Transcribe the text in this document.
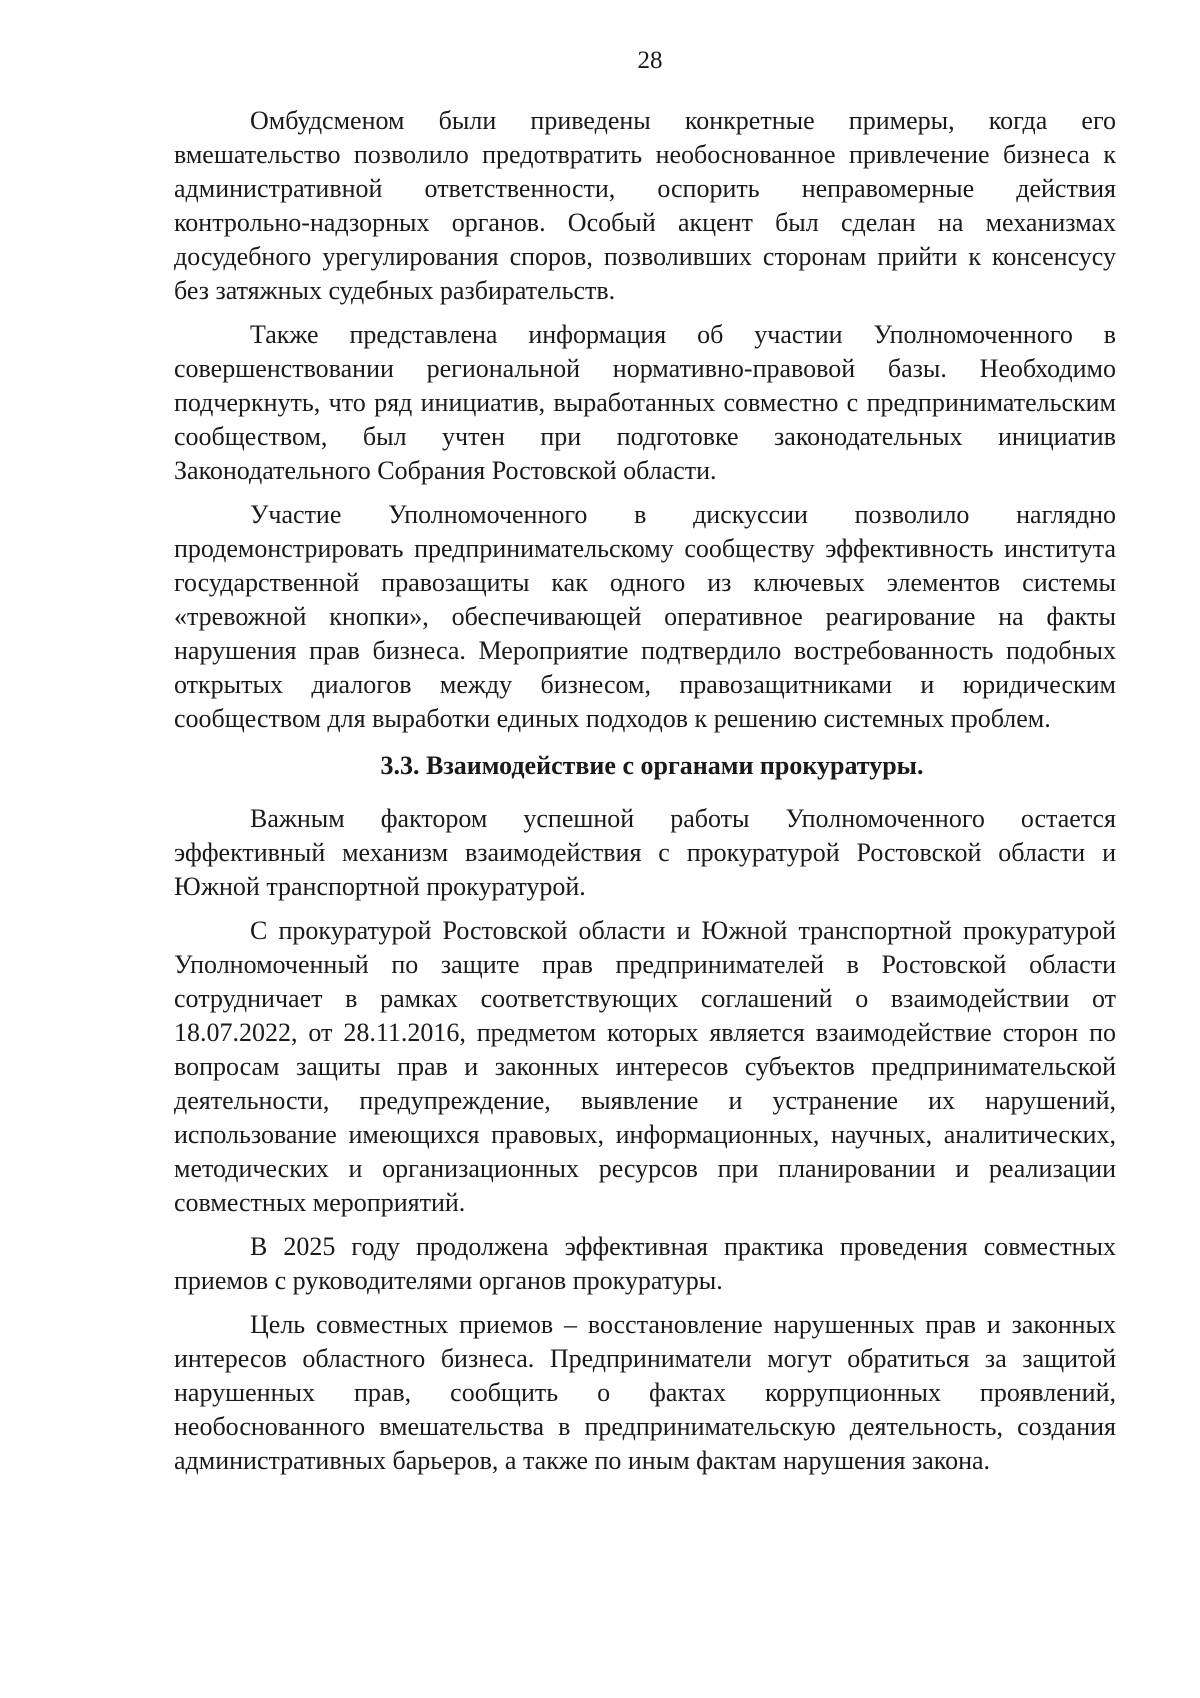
28

Омбудсменом были приведены конкретные примеры, когда его вмешательство позволило предотвратить необоснованное привлечение бизнеса к административной ответственности, оспорить неправомерные действия контрольно-надзорных органов. Особый акцент был сделан на механизмах досудебного урегулирования споров, позволивших сторонам прийти к консенсусу без затяжных судебных разбирательств.

Также представлена информация об участии Уполномоченного в совершенствовании региональной нормативно-правовой базы. Необходимо подчеркнуть, что ряд инициатив, выработанных совместно с предпринимательским сообществом, был учтен при подготовке законодательных инициатив Законодательного Собрания Ростовской области.

Участие Уполномоченного в дискуссии позволило наглядно продемонстрировать предпринимательскому сообществу эффективность института государственной правозащиты как одного из ключевых элементов системы «тревожной кнопки», обеспечивающей оперативное реагирование на факты нарушения прав бизнеса. Мероприятие подтвердило востребованность подобных открытых диалогов между бизнесом, правозащитниками и юридическим сообществом для выработки единых подходов к решению системных проблем.

3.3. Взаимодействие с органами прокуратуры.

Важным фактором успешной работы Уполномоченного остается эффективный механизм взаимодействия с прокуратурой Ростовской области и Южной транспортной прокуратурой.

С прокуратурой Ростовской области и Южной транспортной прокуратурой Уполномоченный по защите прав предпринимателей в Ростовской области сотрудничает в рамках соответствующих соглашений о взаимодействии от 18.07.2022, от 28.11.2016, предметом которых является взаимодействие сторон по вопросам защиты прав и законных интересов субъектов предпринимательской деятельности, предупреждение, выявление и устранение их нарушений, использование имеющихся правовых, информационных, научных, аналитических, методических и организационных ресурсов при планировании и реализации совместных мероприятий.

В 2025 году продолжена эффективная практика проведения совместных приемов с руководителями органов прокуратуры.

Цель совместных приемов – восстановление нарушенных прав и законных интересов областного бизнеса. Предприниматели могут обратиться за защитой нарушенных прав, сообщить о фактах коррупционных проявлений, необоснованного вмешательства в предпринимательскую деятельность, создания административных барьеров, а также по иным фактам нарушения закона.
